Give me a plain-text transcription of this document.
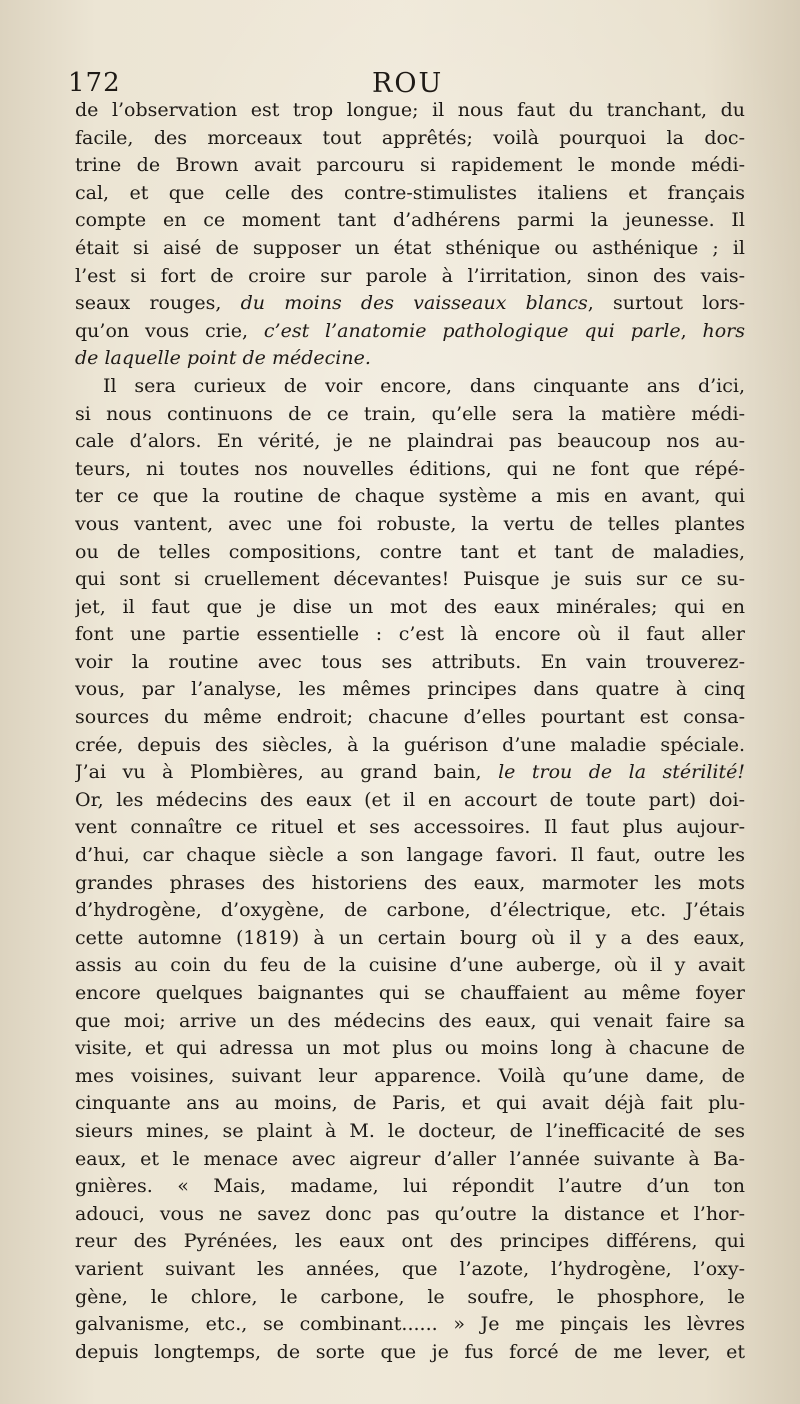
172	ROU
de l’observation est trop longue; il nous faut du tranchant, du
facile, des morceaux tout apprêtés; voilà pourquoi la doc-
trine de Brown avait parcouru si rapidement le monde médi-
cal, et que celle des contre-stimulistes italiens et français
compte en ce moment tant d’adhérens parmi la jeunesse. Il
était si aisé de supposer un état sthénique ou asthénique ; il
l’est si fort de croire sur parole à l’irritation, sinon des vais-
seaux rouges, du moins des vaisseaux blancs, surtout lors-
qu’on vous crie, c’est l’anatomie pathologique qui parle, hors
de laquelle point de médecine.
Il sera curieux de voir encore, dans cinquante ans d’ici,
si nous continuons de ce train, qu’elle sera la matière médi-
cale d’alors. En vérité, je ne plaindrai pas beaucoup nos au-
teurs, ni toutes nos nouvelles éditions, qui ne font que répé-
ter ce que la routine de chaque système a mis en avant, qui
vous vantent, avec une foi robuste, la vertu de telles plantes
ou de telles compositions, contre tant et tant de maladies,
qui sont si cruellement décevantes! Puisque je suis sur ce su-
jet, il faut que je dise un mot des eaux minérales; qui en
font une partie essentielle : c’est là encore où il faut aller
voir la routine avec tous ses attributs. En vain trouverez-
vous, par l’analyse, les mêmes principes dans quatre à cinq
sources du même endroit; chacune d’elles pourtant est consa-
crée, depuis des siècles, à la guérison d’une maladie spéciale.
J’ai vu à Plombières, au grand bain, le trou de la stérilité!
Or, les médecins des eaux (et il en accourt de toute part) doi-
vent connaître ce rituel et ses accessoires. Il faut plus aujour-
d’hui, car chaque siècle a son langage favori. Il faut, outre les
grandes phrases des historiens des eaux, marmoter les mots
d’hydrogène, d’oxygène, de carbone, d’électrique, etc. J’étais
cette automne (1819) à un certain bourg où il y a des eaux,
assis au coin du feu de la cuisine d’une auberge, où il y avait
encore quelques baignantes qui se chauffaient au même foyer
que moi; arrive un des médecins des eaux, qui venait faire sa
visite, et qui adressa un mot plus ou moins long à chacune de
mes voisines, suivant leur apparence. Voilà qu’une dame, de
cinquante ans au moins, de Paris, et qui avait déjà fait plu-
sieurs mines, se plaint à M. le docteur, de l’inefficacité de ses
eaux, et le menace avec aigreur d’aller l’année suivante à Ba-
gnières. « Mais, madame, lui répondit l’autre d’un ton
adouci, vous ne savez donc pas qu’outre la distance et l’hor-
reur des Pyrénées, les eaux ont des principes différens, qui
varient suivant les années, que l’azote, l’hydrogène, l’oxy-
gène, le chlore, le carbone, le soufre, le phosphore, le
galvanisme, etc., se combinant...... » Je me pinçais les lèvres
depuis longtemps, de sorte que je fus forcé de me lever, et
